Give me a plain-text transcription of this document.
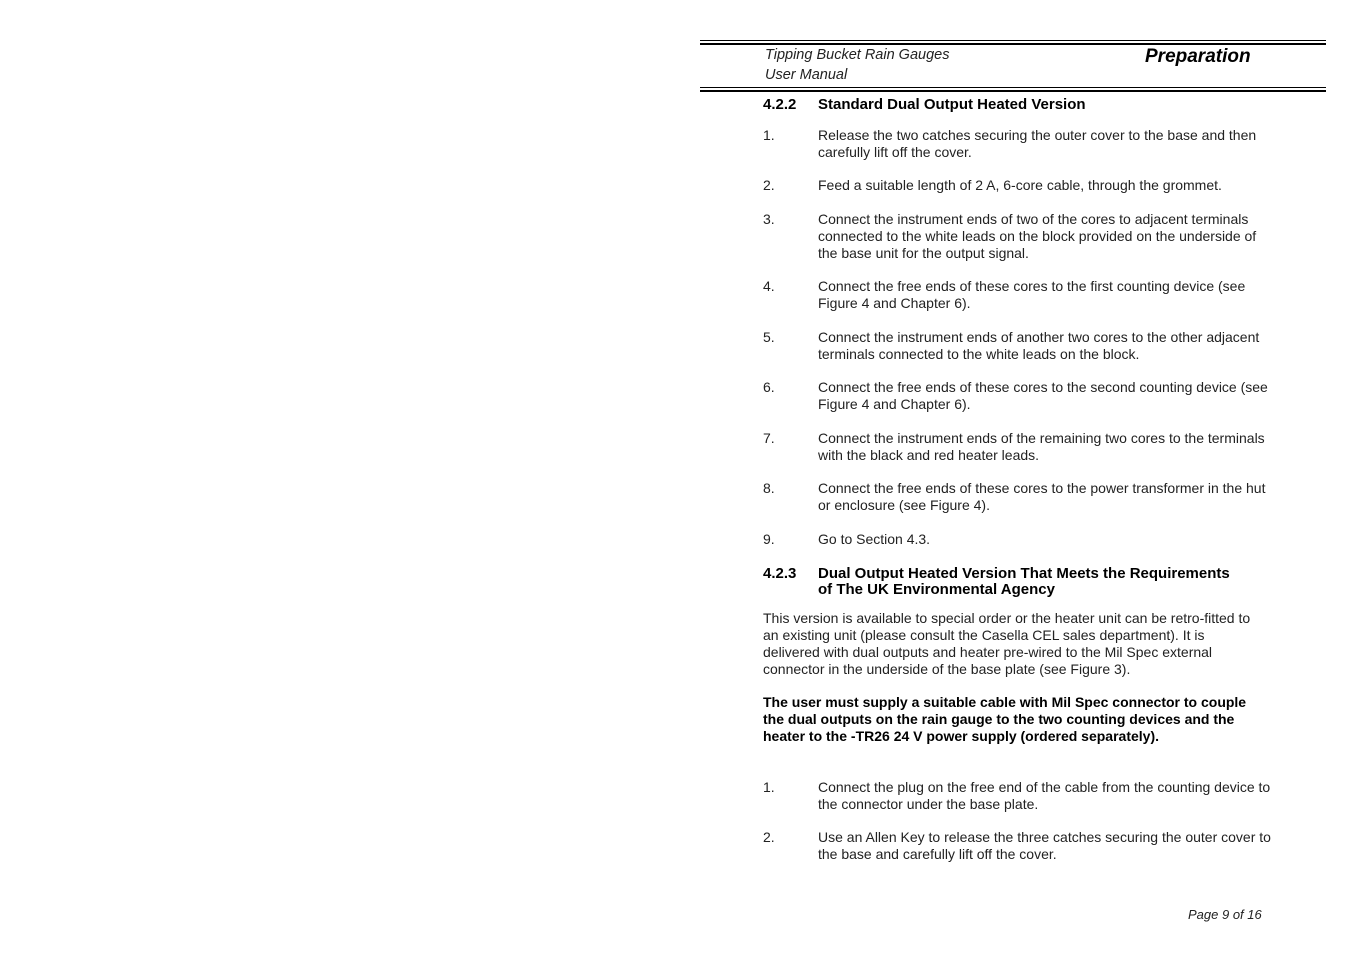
Tipping Bucket Rain Gauges
User Manual
Preparation
4.2.2 Standard Dual Output Heated Version
1.	Release the two catches securing the outer cover to the base and then carefully lift off the cover.
2.	Feed a suitable length of 2 A, 6-core cable, through the grommet.
3.	Connect the instrument ends of two of the cores to adjacent terminals connected to the white leads on the block provided on the underside of the base unit for the output signal.
4.	Connect the free ends of these cores to the first counting device (see Figure 4 and Chapter 6).
5.	Connect the instrument ends of another two cores to the other adjacent terminals connected to the white leads on the block.
6.	Connect the free ends of these cores to the second counting device (see Figure 4 and Chapter 6).
7.	Connect the instrument ends of the remaining two cores to the terminals with the black and red heater leads.
8.	Connect the free ends of these cores to the power transformer in the hut or enclosure (see Figure 4).
9.	Go to Section 4.3.
4.2.3 Dual Output Heated Version That Meets the Requirements of The UK Environmental Agency
This version is available to special order or the heater unit can be retro-fitted to an existing unit (please consult the Casella CEL sales department). It is delivered with dual outputs and heater pre-wired to the Mil Spec external connector in the underside of the base plate (see Figure 3).
The user must supply a suitable cable with Mil Spec connector to couple the dual outputs on the rain gauge to the two counting devices and the heater to the -TR26 24 V power supply (ordered separately).
1.	Connect the plug on the free end of the cable from the counting device to the connector under the base plate.
2.	Use an Allen Key to release the three catches securing the outer cover to the base and carefully lift off the cover.
Page 9 of 16
